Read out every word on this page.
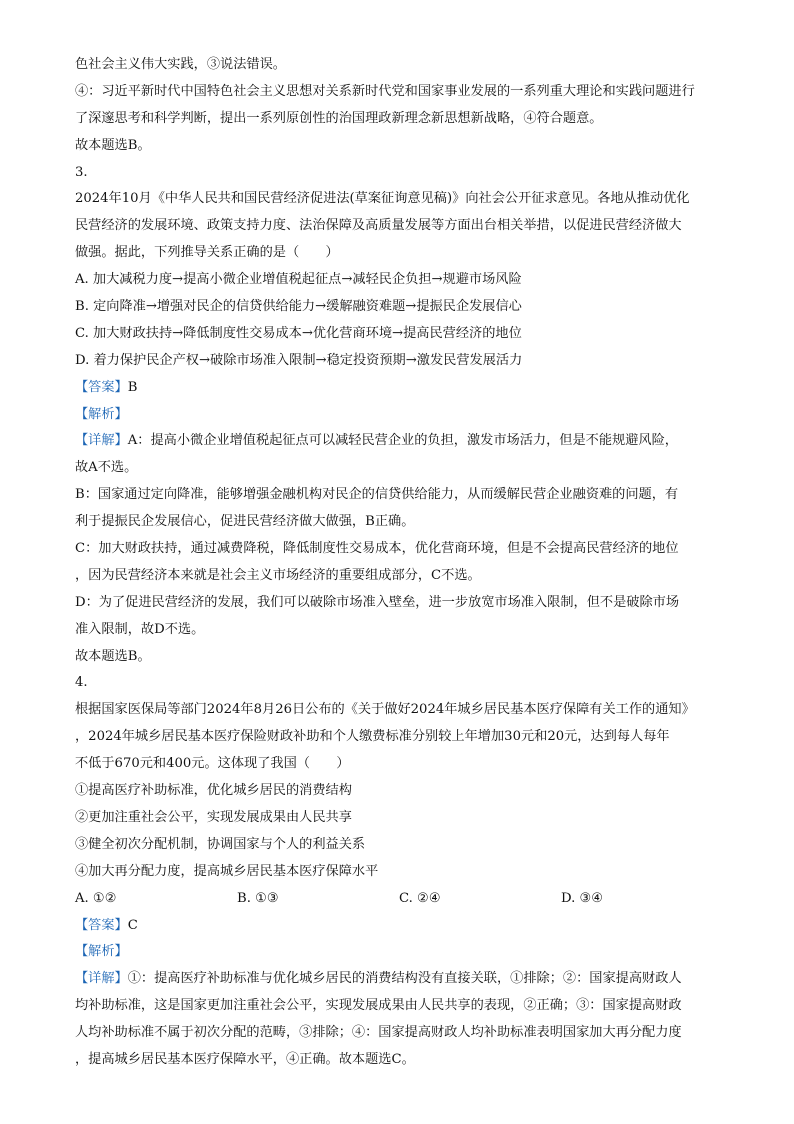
色社会主义伟大实践，③说法错误。
④：习近平新时代中国特色社会主义思想对关系新时代党和国家事业发展的一系列重大理论和实践问题进行
了深邃思考和科学判断，提出一系列原创性的治国理政新理念新思想新战略，④符合题意。
故本题选B。
3.
2024年10月《中华人民共和国民营经济促进法(草案征询意见稿)》向社会公开征求意见。各地从推动优化
民营经济的发展环境、政策支持力度、法治保障及高质量发展等方面出台相关举措，以促进民营经济做大
做强。据此，下列推导关系正确的是（　　）
A. 加大减税力度→提高小微企业增值税起征点→减轻民企负担→规避市场风险
B. 定向降准→增强对民企的信贷供给能力→缓解融资难题→提振民企发展信心
C. 加大财政扶持→降低制度性交易成本→优化营商环境→提高民营经济的地位
D. 着力保护民企产权→破除市场准入限制→稳定投资预期→激发民营发展活力
【答案】B
【解析】
【详解】A：提高小微企业增值税起征点可以减轻民营企业的负担，激发市场活力，但是不能规避风险，
故A不选。
B：国家通过定向降准，能够增强金融机构对民企的信贷供给能力，从而缓解民营企业融资难的问题，有
利于提振民企发展信心，促进民营经济做大做强，B正确。
C：加大财政扶持，通过减费降税，降低制度性交易成本，优化营商环境，但是不会提高民营经济的地位
，因为民营经济本来就是社会主义市场经济的重要组成部分，C不选。
D：为了促进民营经济的发展，我们可以破除市场准入壁垒，进一步放宽市场准入限制，但不是破除市场
准入限制，故D不选。
故本题选B。
4.
根据国家医保局等部门2024年8月26日公布的《关于做好2024年城乡居民基本医疗保障有关工作的通知》
，2024年城乡居民基本医疗保险财政补助和个人缴费标准分别较上年增加30元和20元，达到每人每年
不低于670元和400元。这体现了我国（　　）
①提高医疗补助标准，优化城乡居民的消费结构
②更加注重社会公平，实现发展成果由人民共享
③健全初次分配机制，协调国家与个人的利益关系
④加大再分配力度，提高城乡居民基本医疗保障水平
A. ①②	B. ①③	C. ②④	D. ③④
【答案】C
【解析】
【详解】①：提高医疗补助标准与优化城乡居民的消费结构没有直接关联，①排除；②：国家提高财政人
均补助标准，这是国家更加注重社会公平，实现发展成果由人民共享的表现，②正确；③：国家提高财政
人均补助标准不属于初次分配的范畴，③排除；④：国家提高财政人均补助标准表明国家加大再分配力度
，提高城乡居民基本医疗保障水平，④正确。故本题选C。
